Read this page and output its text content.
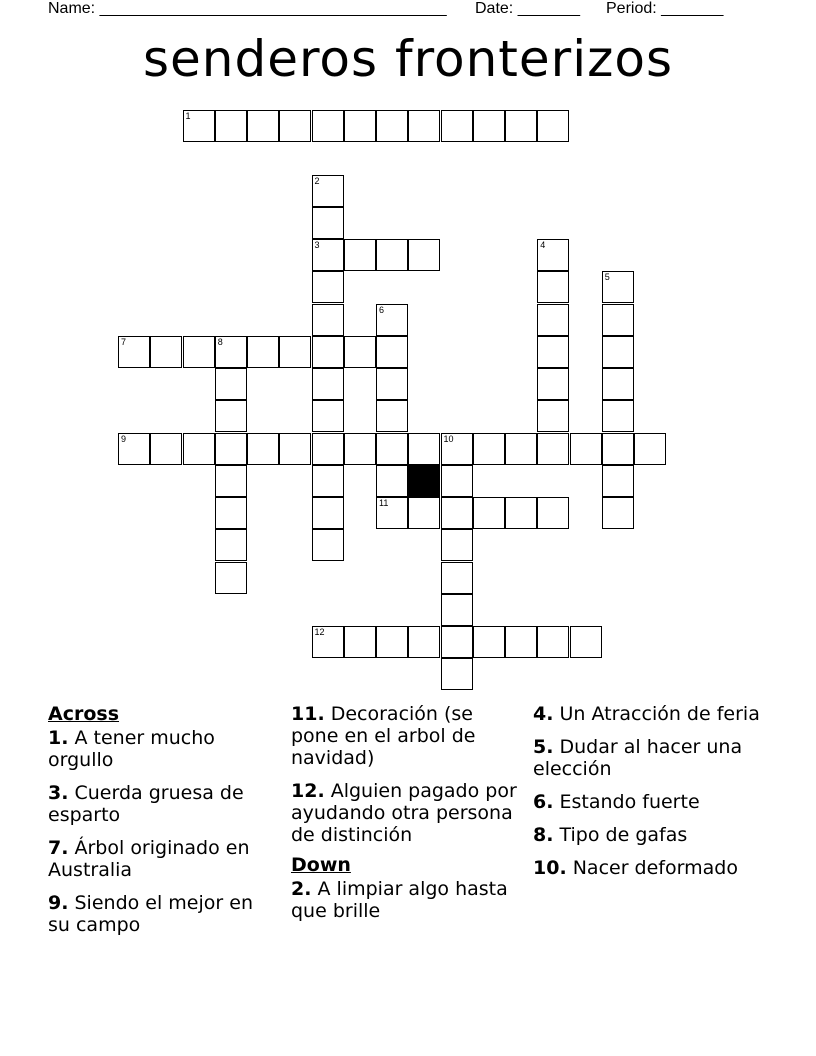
Name: _______________________________________ Date: _______ Period: _______
senderos fronterizos
1
2
3	4
5
6
11
7	8
9	10
12
Across
1. A tener mucho orgullo
3. Cuerda gruesa de esparto
7. Árbol originado en Australia
9. Siendo el mejor en su campo
11. Decoración (se pone en el arbol de navidad)
12. Alguien pagado por ayudando otra persona de distinción
Down
2. A limpiar algo hasta que brille
4. Un Atracción de feria
5. Dudar al hacer una elección
6. Estando fuerte
8. Tipo de gafas
10. Nacer deformado
